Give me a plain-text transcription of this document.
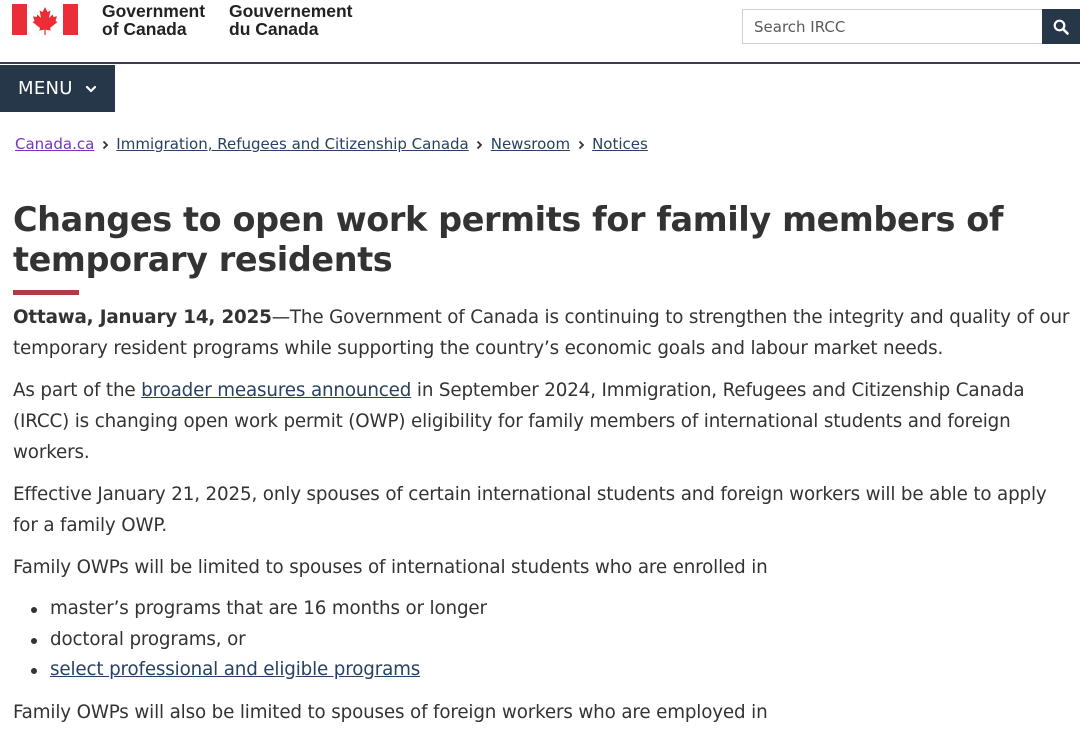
Government
of Canada
Gouvernement
du Canada
Search IRCC
MENU
Canada.ca Immigration, Refugees and Citizenship Canada Newsroom Notices
Changes to open work permits for family members of temporary residents

Ottawa, January 14, 2025—The Government of Canada is continuing to strengthen the integrity and quality of our temporary resident programs while supporting the country’s economic goals and labour market needs.

As part of the broader measures announced in September 2024, Immigration, Refugees and Citizenship Canada (IRCC) is changing open work permit (OWP) eligibility for family members of international students and foreign workers.

Effective January 21, 2025, only spouses of certain international students and foreign workers will be able to apply for a family OWP.

Family OWPs will be limited to spouses of international students who are enrolled in

master’s programs that are 16 months or longer
doctoral programs, or
select professional and eligible programs

Family OWPs will also be limited to spouses of foreign workers who are employed in
